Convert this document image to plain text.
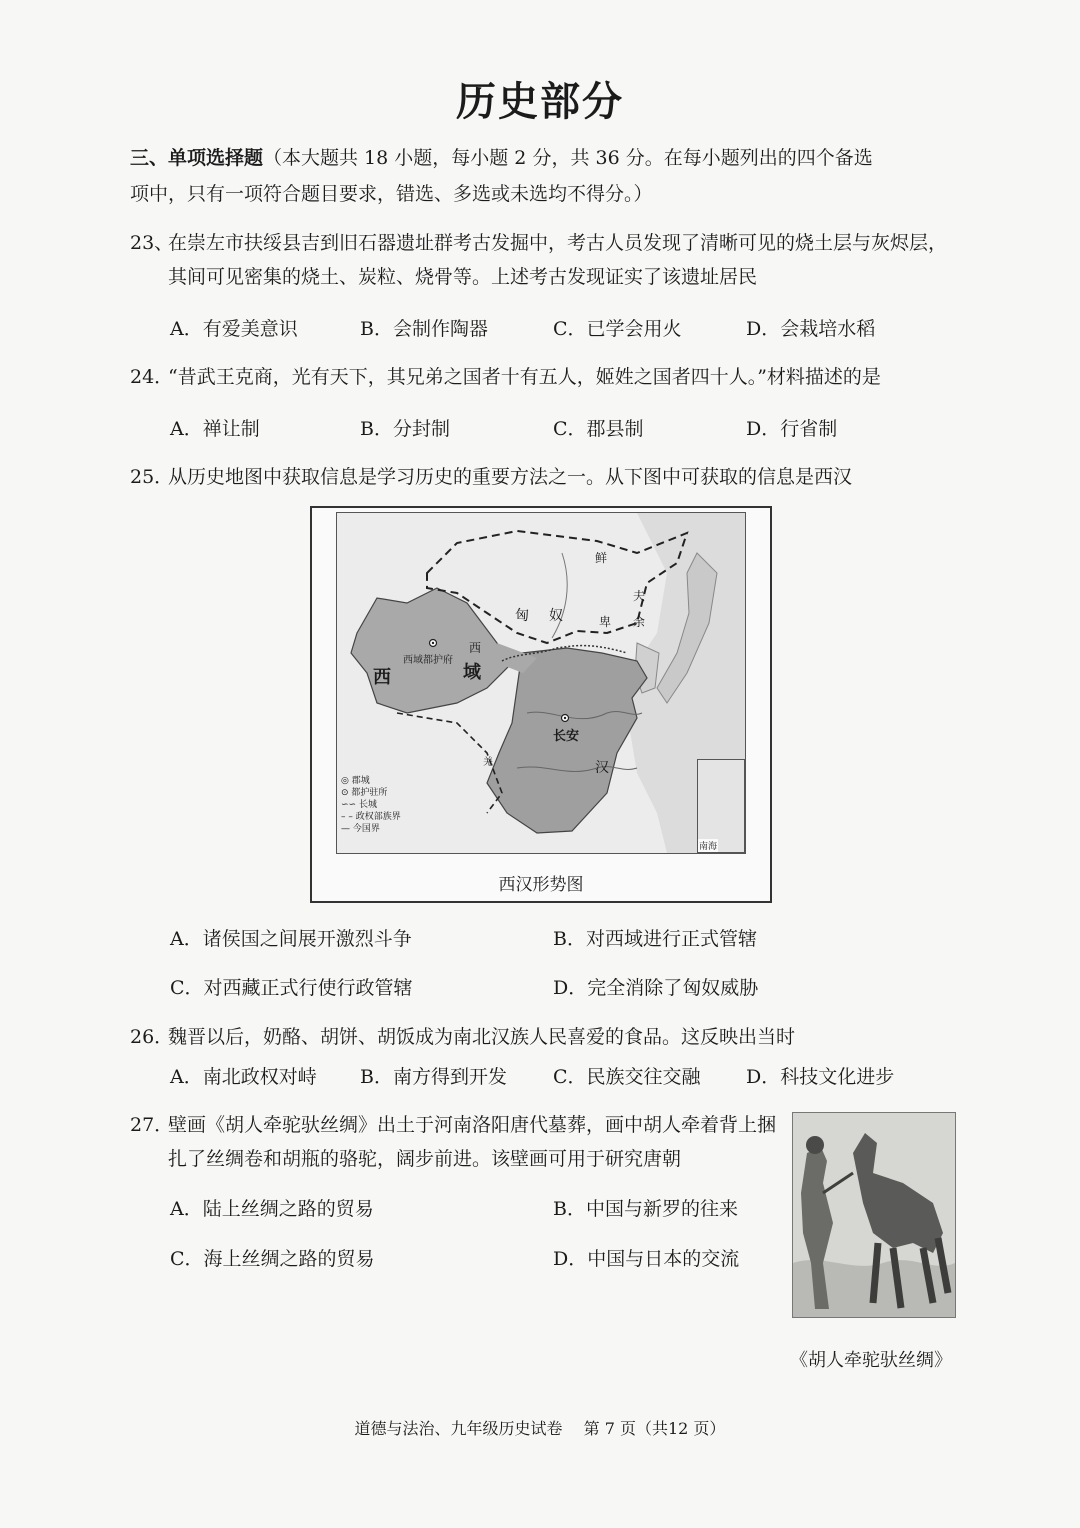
历史部分
三、单项选择题（本大题共 18 小题，每小题 2 分，共 36 分。在每小题列出的四个备选
项中，只有一项符合题目要求，错选、多选或未选均不得分。）
23、
在崇左市扶绥县吉到旧石器遗址群考古发掘中，考古人员发现了清晰可见的烧土层与灰烬层，
其间可见密集的烧土、炭粒、烧骨等。上述考古发现证实了该遗址居民
A．有爱美意识	B．会制作陶器	C．已学会用火	D．会栽培水稻
24．
“昔武王克商，光有天下，其兄弟之国者十有五人，姬姓之国者四十人。”材料描述的是
A．禅让制	B．分封制	C．郡县制	D．行省制
25．
从历史地图中获取信息是学习历史的重要方法之一。从下图中可获取的信息是西汉
匈 奴
鲜
夫
余
卑
西	域
西
西域都护府
长安
汉
羌
◎ 郡城
⊙ 都护驻所
∽∽ 长城
– – 政权部族界
— 今国界
南海
西汉形势图
A．诸侯国之间展开激烈斗争	B．对西域进行正式管辖
C．对西藏正式行使行政管辖	D．完全消除了匈奴威胁
26．
魏晋以后，奶酪、胡饼、胡饭成为南北汉族人民喜爱的食品。这反映出当时
A．南北政权对峙 B．南方得到开发 C．民族交往交融 D．科技文化进步
27．
壁画《胡人牵驼驮丝绸》出土于河南洛阳唐代墓葬，画中胡人牵着背上捆
扎了丝绸卷和胡瓶的骆驼，阔步前进。该壁画可用于研究唐朝
A．陆上丝绸之路的贸易	B．中国与新罗的往来
C．海上丝绸之路的贸易	D．中国与日本的交流
《胡人牵驼驮丝绸》
道德与法治、九年级历史试卷　 第 7 页（共12 页）
